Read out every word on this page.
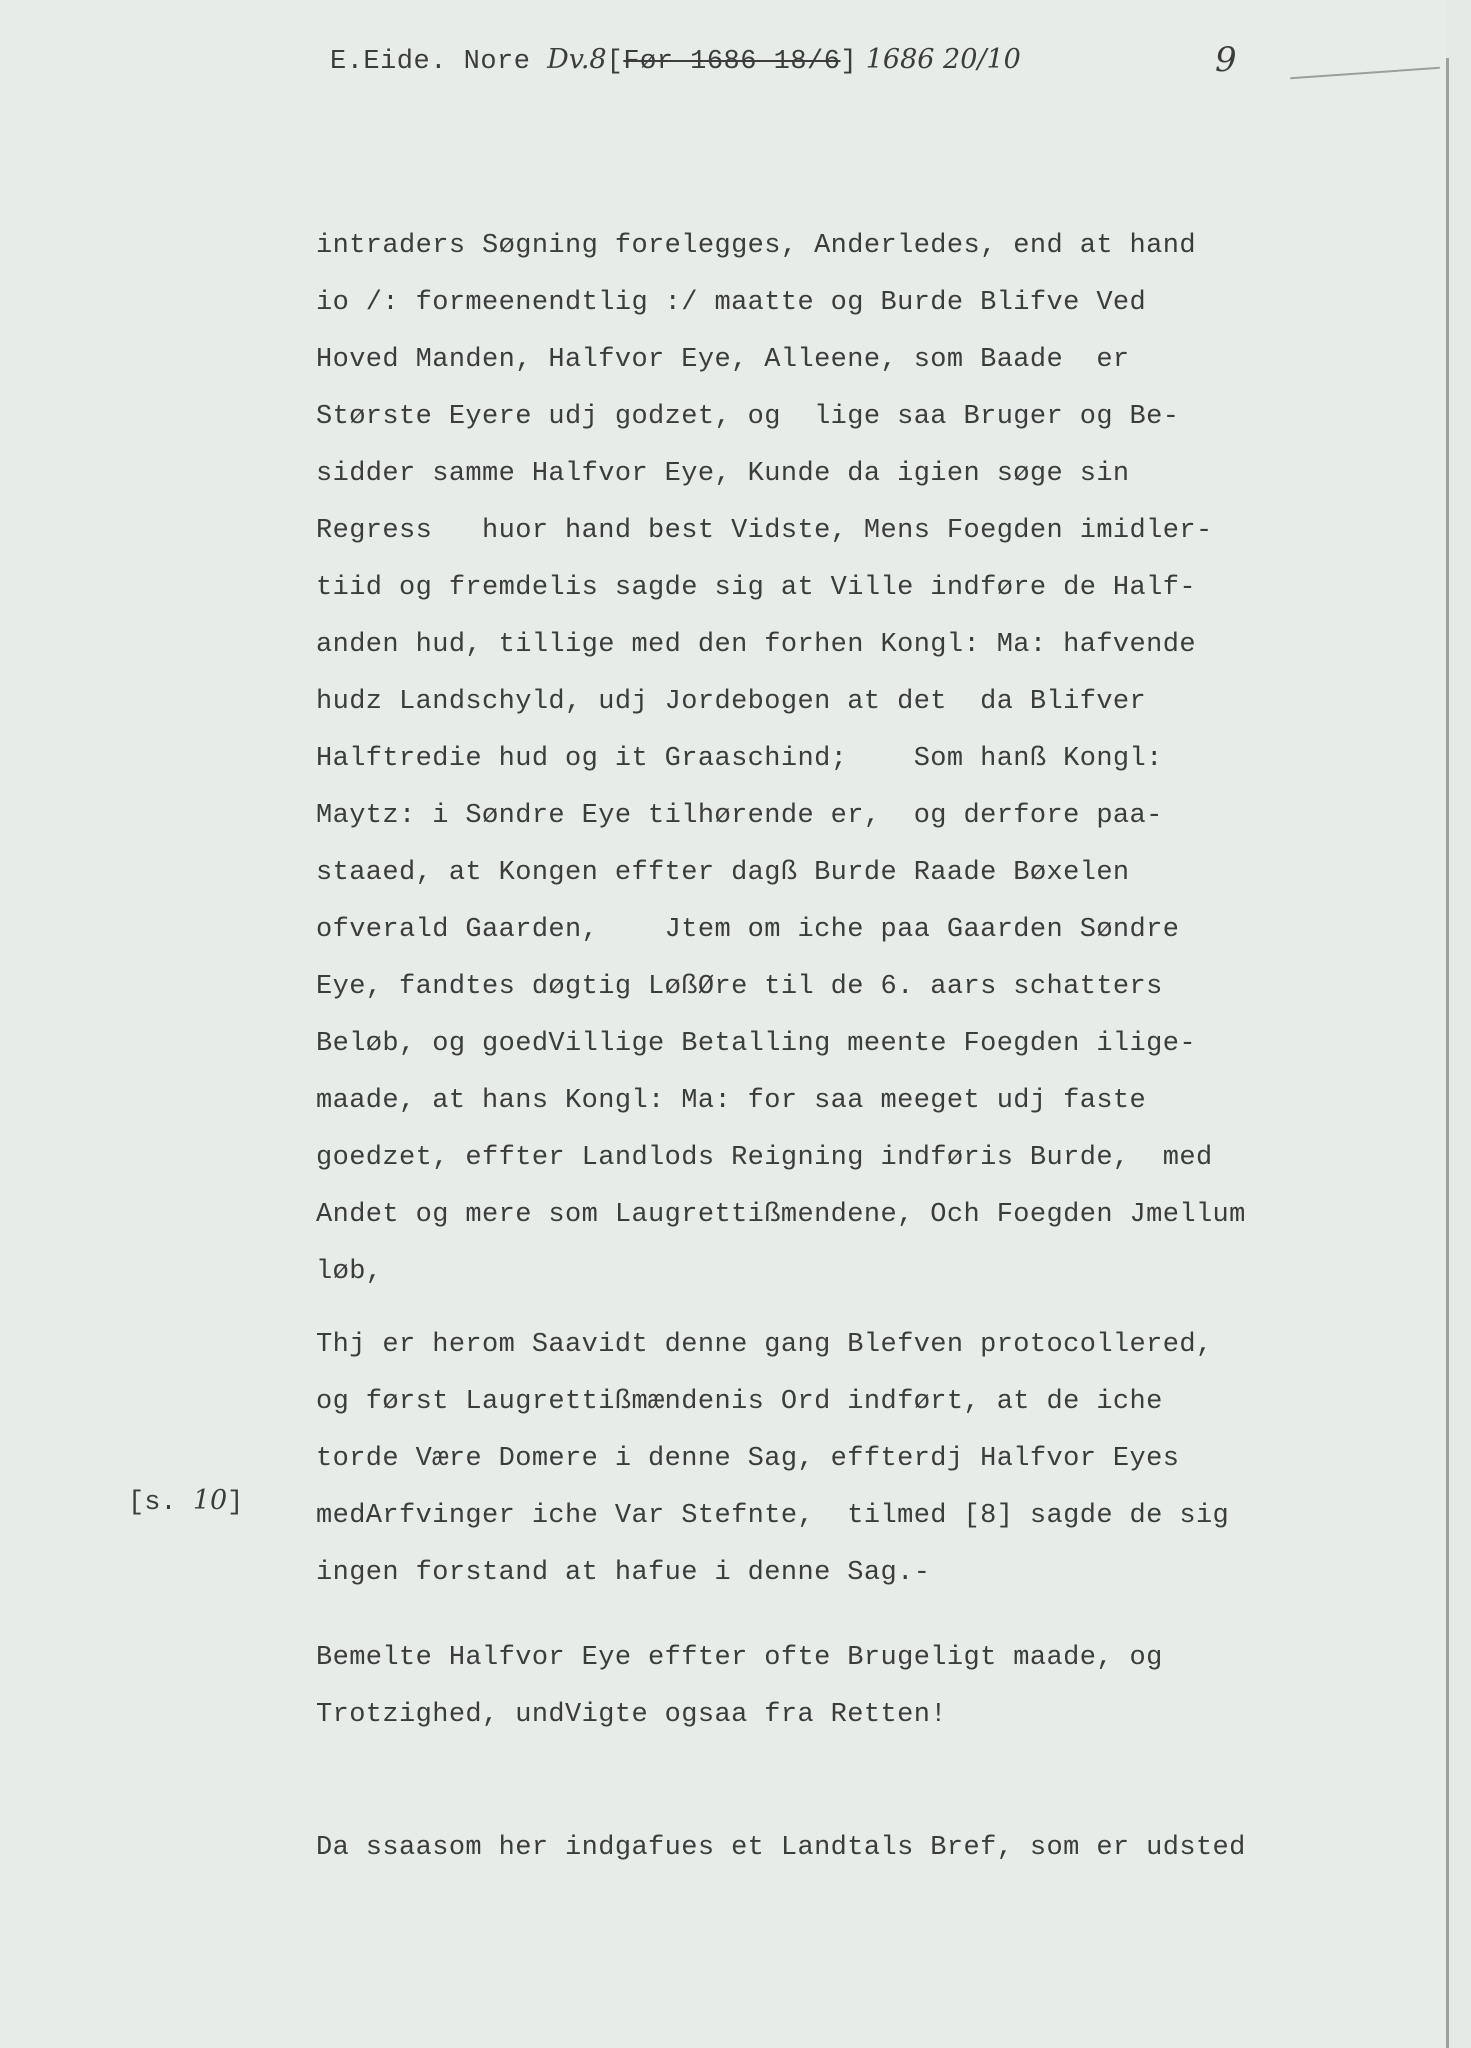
E.Eide. Nore Dv.8[Før 1686 18/6] 1686 20/10	9
[s. 10]
intraders Søgning forelegges, Anderledes, end at hand
io /: formeenendtlig :/ maatte og Burde Blifve Ved
Hoved Manden, Halfvor Eye, Alleene, som Baade  er
Største Eyere udj godzet, og  lige saa Bruger og Be-
sidder samme Halfvor Eye, Kunde da igien søge sin
Regress   huor hand best Vidste, Mens Foegden imidler-
tiid og fremdelis sagde sig at Ville indføre de Half-
anden hud, tillige med den forhen Kongl: Ma: hafvende
hudz Landschyld, udj Jordebogen at det  da Blifver
Halftredie hud og it Graaschind;    Som hanß Kongl:
Maytz: i Søndre Eye tilhørende er,  og derfore paa-
staaed, at Kongen effter dagß Burde Raade Bøxelen
ofverald Gaarden,    Jtem om iche paa Gaarden Søndre
Eye, fandtes døgtig LøßØre til de 6. aars schatters
Beløb, og goedVillige Betalling meente Foegden ilige-
maade, at hans Kongl: Ma: for saa meeget udj faste
goedzet, effter Landlods Reigning indføris Burde,  med
Andet og mere som Laugrettißmendene, Och Foegden Jmellum
løb,
Thj er herom Saavidt denne gang Blefven protocollered,
og først Laugrettißmændenis Ord indført, at de iche
torde Være Domere i denne Sag, effterdj Halfvor Eyes
medArfvinger iche Var Stefnte,  tilmed [8] sagde de sig
ingen forstand at hafue i denne Sag.-
Bemelte Halfvor Eye effter ofte Brugeligt maade, og
Trotzighed, undVigte ogsaa fra Retten!
Da ssaasom her indgafues et Landtals Bref, som er udsted
